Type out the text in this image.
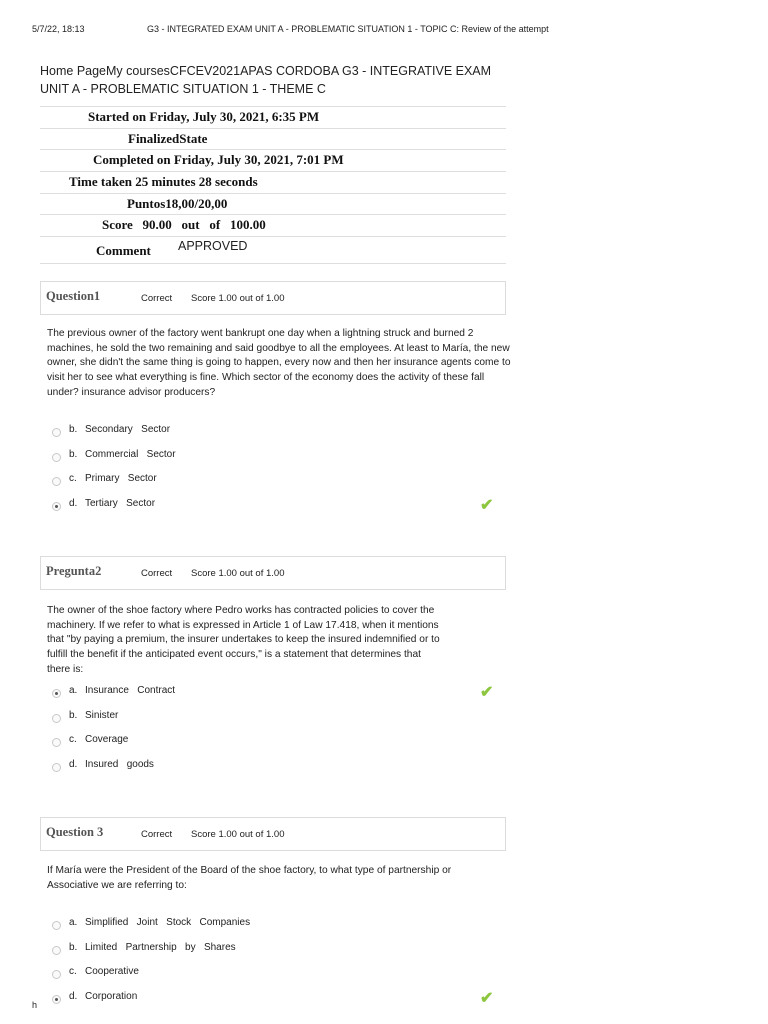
5/7/22, 18:13	G3 - INTEGRATED EXAM UNIT A - PROBLEMATIC SITUATION 1 - TOPIC C: Review of the attempt
Home PageMy coursesCFCEV2021APAS CORDOBA G3 - INTEGRATIVE EXAM UNIT A - PROBLEMATIC SITUATION 1 - THEME C
Started on Friday, July 30, 2021, 6:35 PM
FinalizedState
Completed on Friday, July 30, 2021, 7:01 PM
Time taken 25 minutes 28 seconds
Puntos18,00/20,00
Score   90.00   out   of   100.00
Comment APPROVED
Question1	Correct Score 1.00 out of 1.00
The previous owner of the factory went bankrupt one day when a lightning struck and burned 2 machines, he sold the two remaining and said goodbye to all the employees. At least to María, the new owner, she didn't the same thing is going to happen, every now and then her insurance agents come to visit her to see what everything is fine. Which sector of the economy does the activity of these fall under? insurance advisor producers?
b. Secondary   Sector
b. Commercial   Sector
c. Primary   Sector
d. Tertiary   Sector	✔
Pregunta2	Correct Score 1.00 out of 1.00
The owner of the shoe factory where Pedro works has contracted policies to cover the machinery. If we refer to what is expressed in Article 1 of Law 17.418, when it mentions that "by paying a premium, the insurer undertakes to keep the insured indemnified or to fulfill the benefit if the anticipated event occurs," is a statement that determines that there is:
a. Insurance   Contract	✔
b. Sinister
c. Coverage
d. Insured   goods
Question 3	Correct Score 1.00 out of 1.00
If María were the President of the Board of the shoe factory, to what type of partnership or Associative we are referring to:
a. Simplified   Joint   Stock   Companies
b. Limited   Partnership   by   Shares
c. Cooperative
d. Corporation	✔
h
